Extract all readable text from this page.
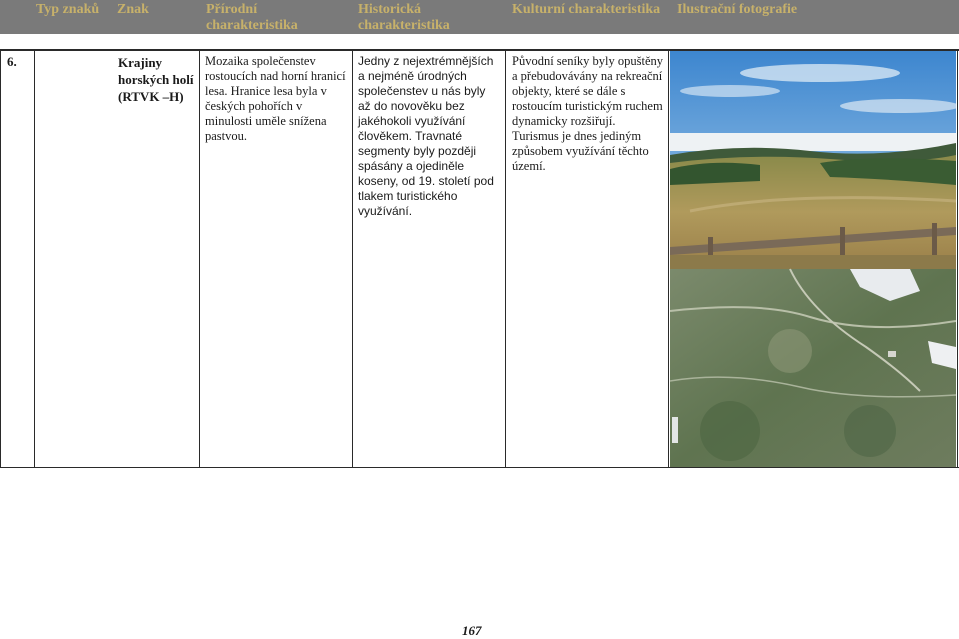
Typ znaků Znak	Přírodní charakteristika
Historická charakteristika
Kulturní charakteristika Ilustrační fotografie
6.	Krajiny horských holí (RTVK –H)
Mozaika společenstev rostoucích nad horní hranicí lesa. Hranice lesa byla v českých pohořích v minulosti uměle snížena pastvou.
Jedny z nejextrémnějších a nejméně úrodných společenstev u nás byly až do novověku bez jakéhokoli využívání člověkem. Travnaté segmenty byly později spásány a ojediněle koseny, od 19. století pod tlakem turistického využívání.
Původní seníky byly opuštěny a přebudovávány na rekreační objekty, které se dále s rostoucím turistickým ruchem dynamicky rozšiřují. Turismus je dnes jediným způsobem využívání těchto území.
167
